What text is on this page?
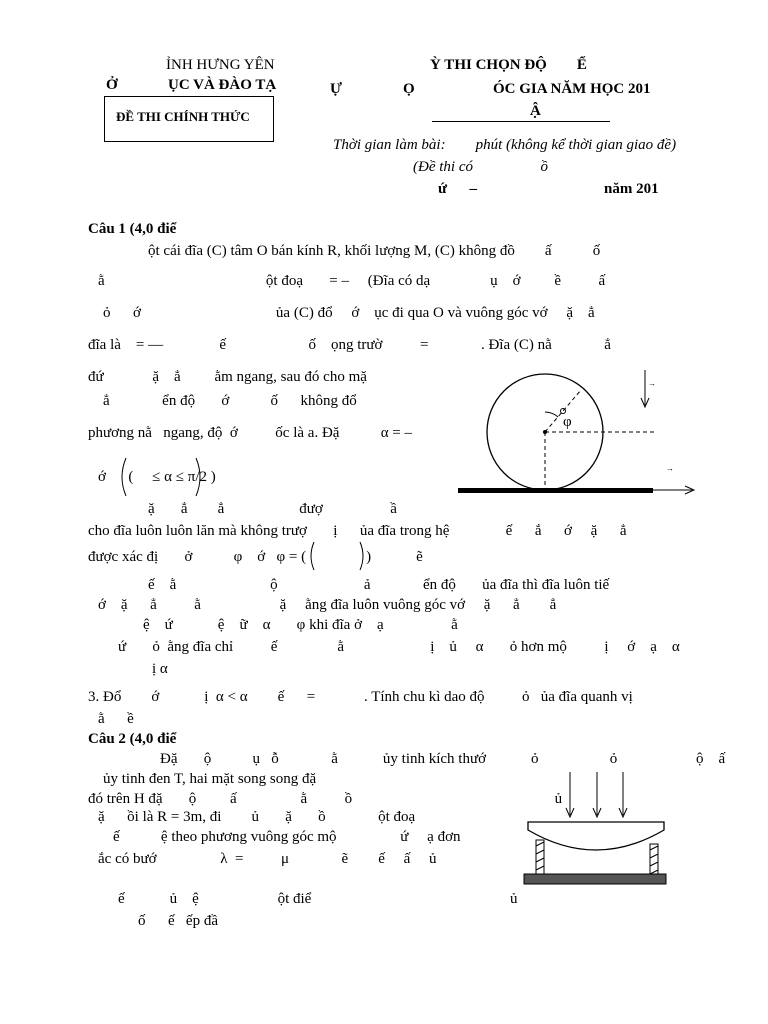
ỈNH HƯNG YÊN
Ở	ỤC VÀ ĐÀO TẠ
ĐỀ THI CHÍNH THỨC
Ỳ THI CHỌN ĐỘ        Ể
Ự	Ọ	ÓC GIA NĂM HỌC 201
Ậ
Thời gian làm bài:        phút (không kể thời gian giao đề)
(Đề thi có                  ồ
ứ      –	năm 201
Câu 1 (4,0 điể
ột cái đĩa (C) tâm O bán kính R, khối lượng M, (C) không đồ        ấ           ố
ằ                                           ột đoạ       = –     (Đĩa có dạ                ụ    ớ         ề          ấ
ỏ      ớ                                    ủa (C) đổ     ớ    ục đi qua O và vuông góc vớ     ặ    ẳ
đĩa là    = —               ế                      ố    ọng trườ          =              . Đĩa (C) nằ              ẳ
đứ             ặ    ẳ         ằm ngang, sau đó cho mặ
ẳ              ển độ       ớ           ố      không đổ
phương nằ   ngang, độ  ớ          ốc là a. Đặ           α = –
ớ      (     ≤ α ≤ π/2 )
ặ       ẳ        ẳ                    đượ                  ầ
cho đĩa luôn luôn lăn mà không trượ       ị      ủa đĩa trong hệ               ế      ắ      ớ     ặ      ẳ
được xác đị       ở           φ    ớ   φ = (                )            ẽ
ế    ằ                         ộ                       ả              ển độ       ủa đĩa thì đĩa luôn tiế
ớ    ặ      ẳ          ằ                     ặ     ằng đĩa luôn vuông góc vớ     ặ      ẳ        ẳ
ệ    ứ            ệ    ữ    α       φ khi đĩa ở    ạ                  ằ
ứ       ỏ  ằng đĩa chỉ          ế                ằ                       ị    ủ     α       ỏ hơn mộ          ị     ớ    ạ    α
ị α
3. Đổ        ớ            ị  α < α        ế      =             . Tính chu kì dao độ          ỏ   ủa đĩa quanh vị
ằ      ề
φ
→
→
Câu 2 (4,0 điể
Đặ       ộ           ụ   ỗ              ằ            ủy tinh kích thướ            ỏ                   ỏ                     ộ    ấ
ủy tinh đen T, hai mặt song song đặ
đó trên H đặ       ộ         ấ                 ằ          ồ                                                      ủ
ặ      ồi là R = 3m, đi        ủ       ặ       ồ              ột đoạ
ế           ệ theo phương vuông góc mộ                 ứ     ạ đơn
ắc có bướ                 λ  =          μ              ẽ        ế     ấ     ủ
ế            ủ    ệ                     ột điể                                                     ủ
ố      ế   ếp đầ
